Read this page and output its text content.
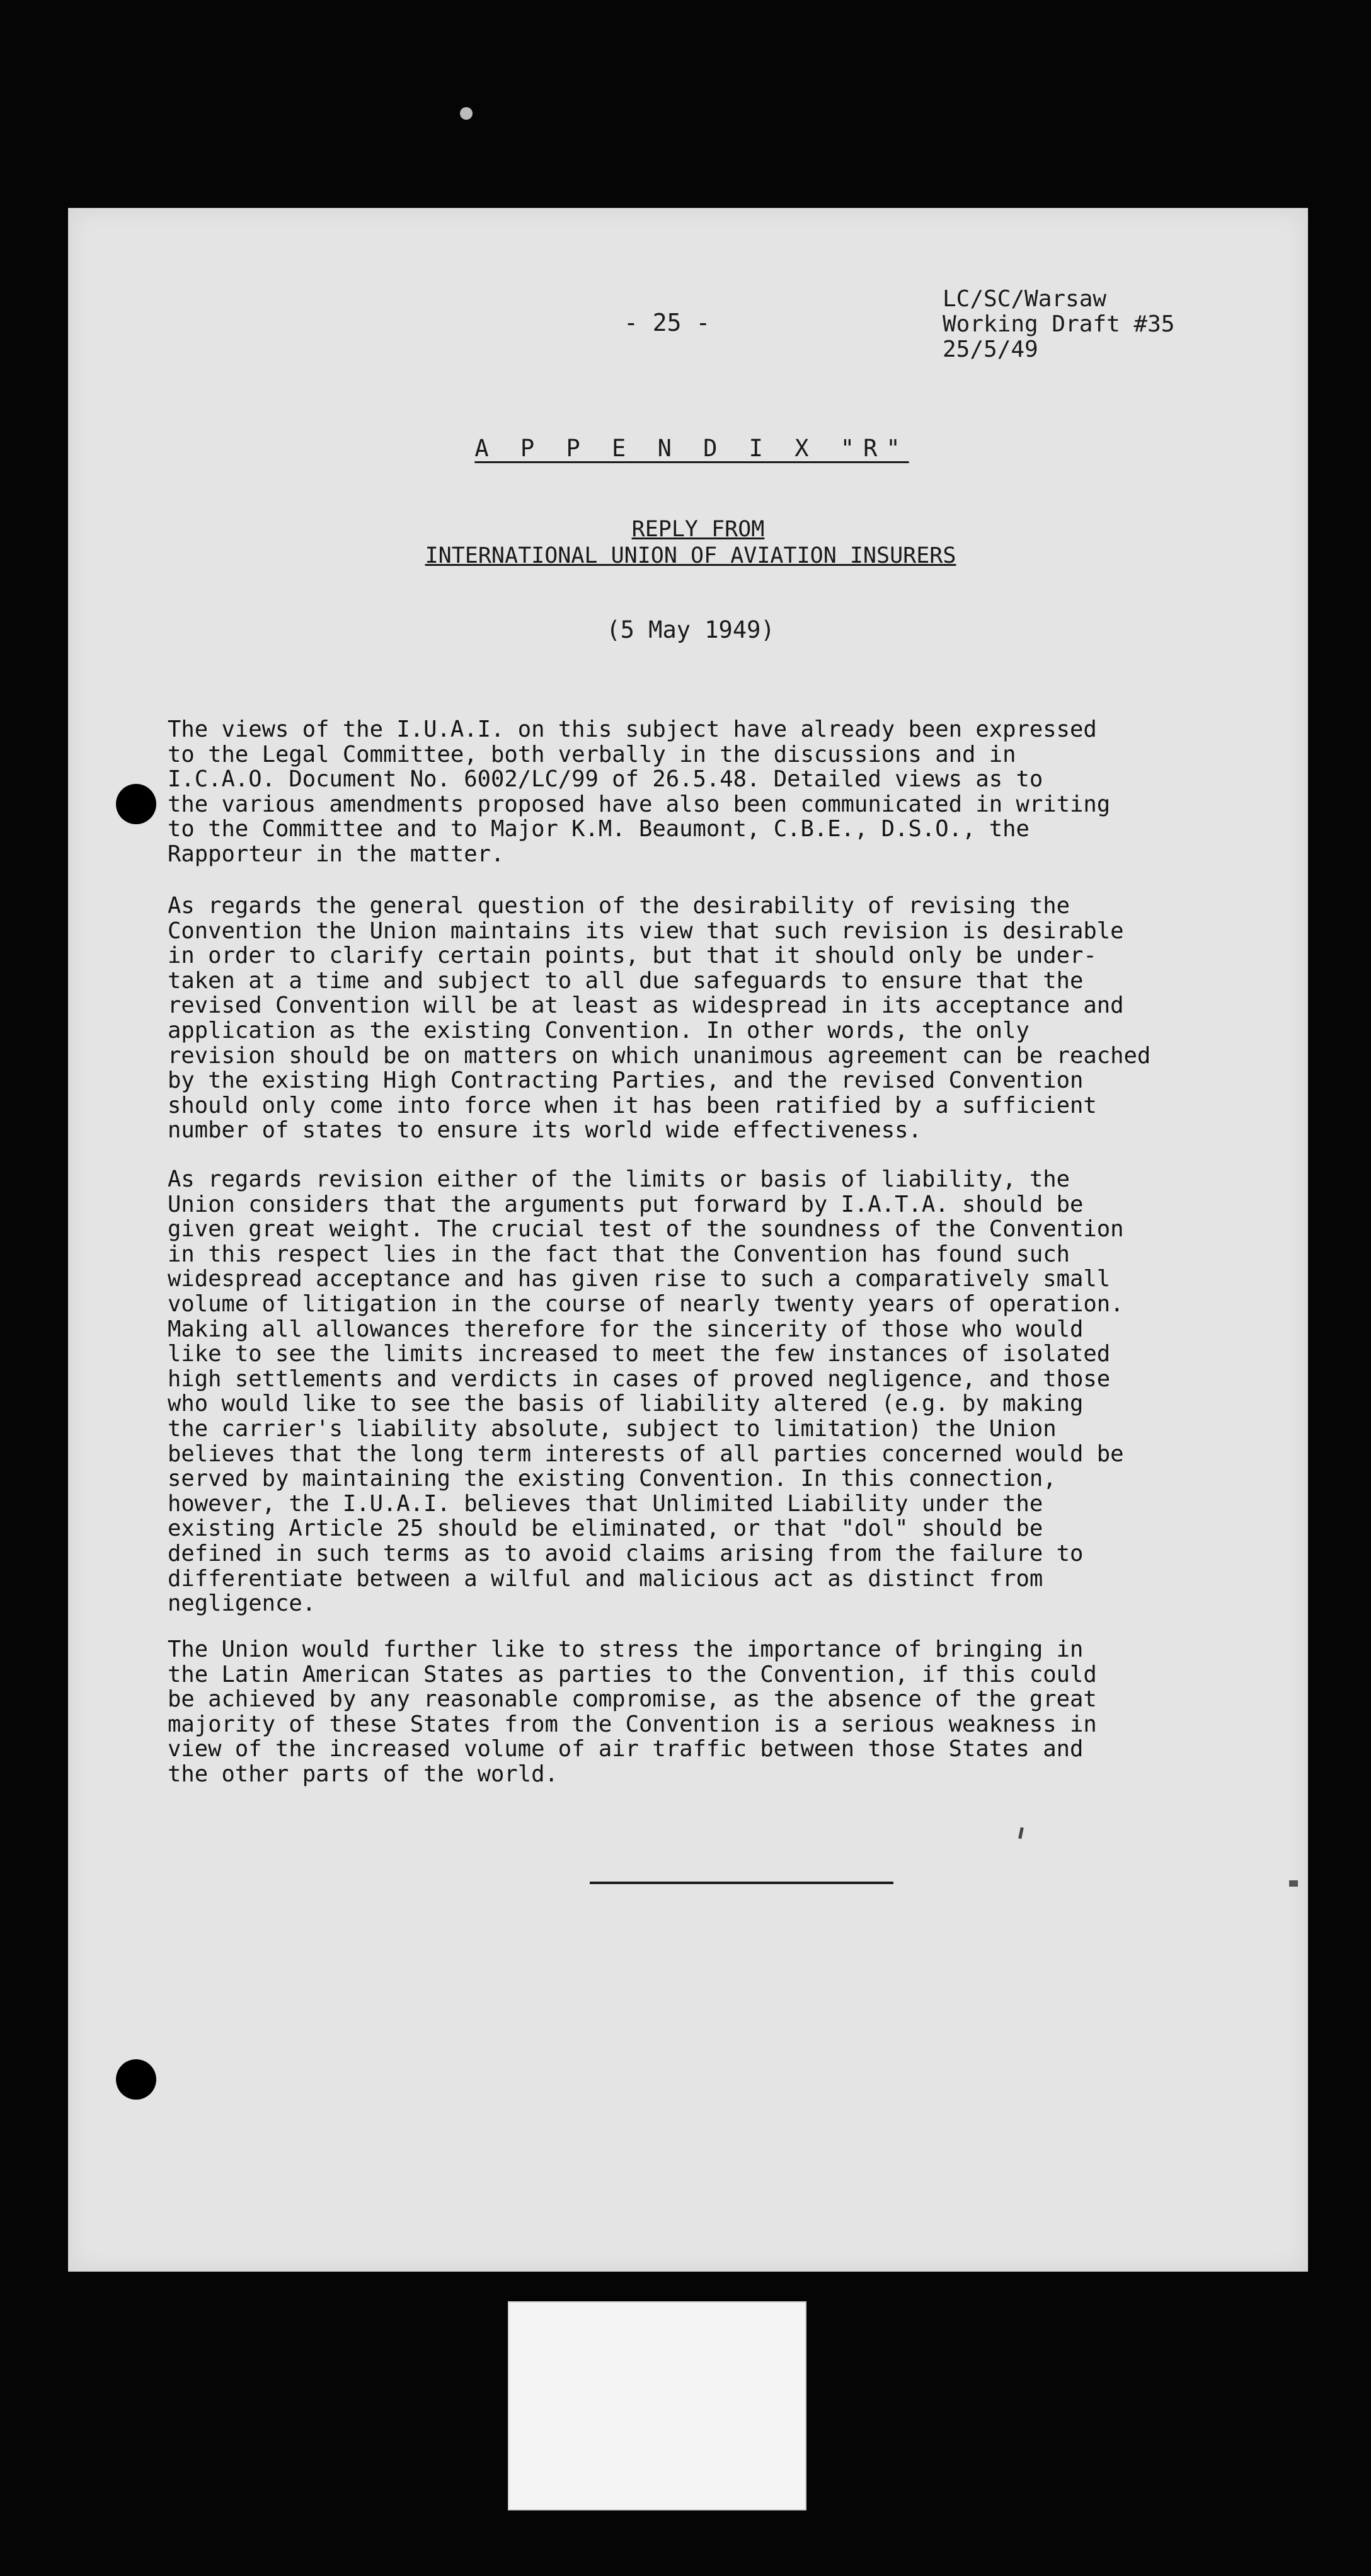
- 25 -
LC/SC/Warsaw
Working Draft #35
25/5/49
A P P E N D I X "R"
REPLY FROM
INTERNATIONAL UNION OF AVIATION INSURERS
(5 May 1949)
The views of the I.U.A.I. on this subject have already been expressed
to the Legal Committee, both verbally in the discussions and in
I.C.A.O. Document No. 6002/LC/99 of 26.5.48. Detailed views as to
the various amendments proposed have also been communicated in writing
to the Committee and to Major K.M. Beaumont, C.B.E., D.S.O., the
Rapporteur in the matter.
As regards the general question of the desirability of revising the
Convention the Union maintains its view that such revision is desirable
in order to clarify certain points, but that it should only be under-
taken at a time and subject to all due safeguards to ensure that the
revised Convention will be at least as widespread in its acceptance and
application as the existing Convention. In other words, the only
revision should be on matters on which unanimous agreement can be reached
by the existing High Contracting Parties, and the revised Convention
should only come into force when it has been ratified by a sufficient
number of states to ensure its world wide effectiveness.
As regards revision either of the limits or basis of liability, the
Union considers that the arguments put forward by I.A.T.A. should be
given great weight. The crucial test of the soundness of the Convention
in this respect lies in the fact that the Convention has found such
widespread acceptance and has given rise to such a comparatively small
volume of litigation in the course of nearly twenty years of operation.
Making all allowances therefore for the sincerity of those who would
like to see the limits increased to meet the few instances of isolated
high settlements and verdicts in cases of proved negligence, and those
who would like to see the basis of liability altered (e.g. by making
the carrier's liability absolute, subject to limitation) the Union
believes that the long term interests of all parties concerned would be
served by maintaining the existing Convention. In this connection,
however, the I.U.A.I. believes that Unlimited Liability under the
existing Article 25 should be eliminated, or that "dol" should be
defined in such terms as to avoid claims arising from the failure to
differentiate between a wilful and malicious act as distinct from
negligence.
The Union would further like to stress the importance of bringing in
the Latin American States as parties to the Convention, if this could
be achieved by any reasonable compromise, as the absence of the great
majority of these States from the Convention is a serious weakness in
view of the increased volume of air traffic between those States and
the other parts of the world.
